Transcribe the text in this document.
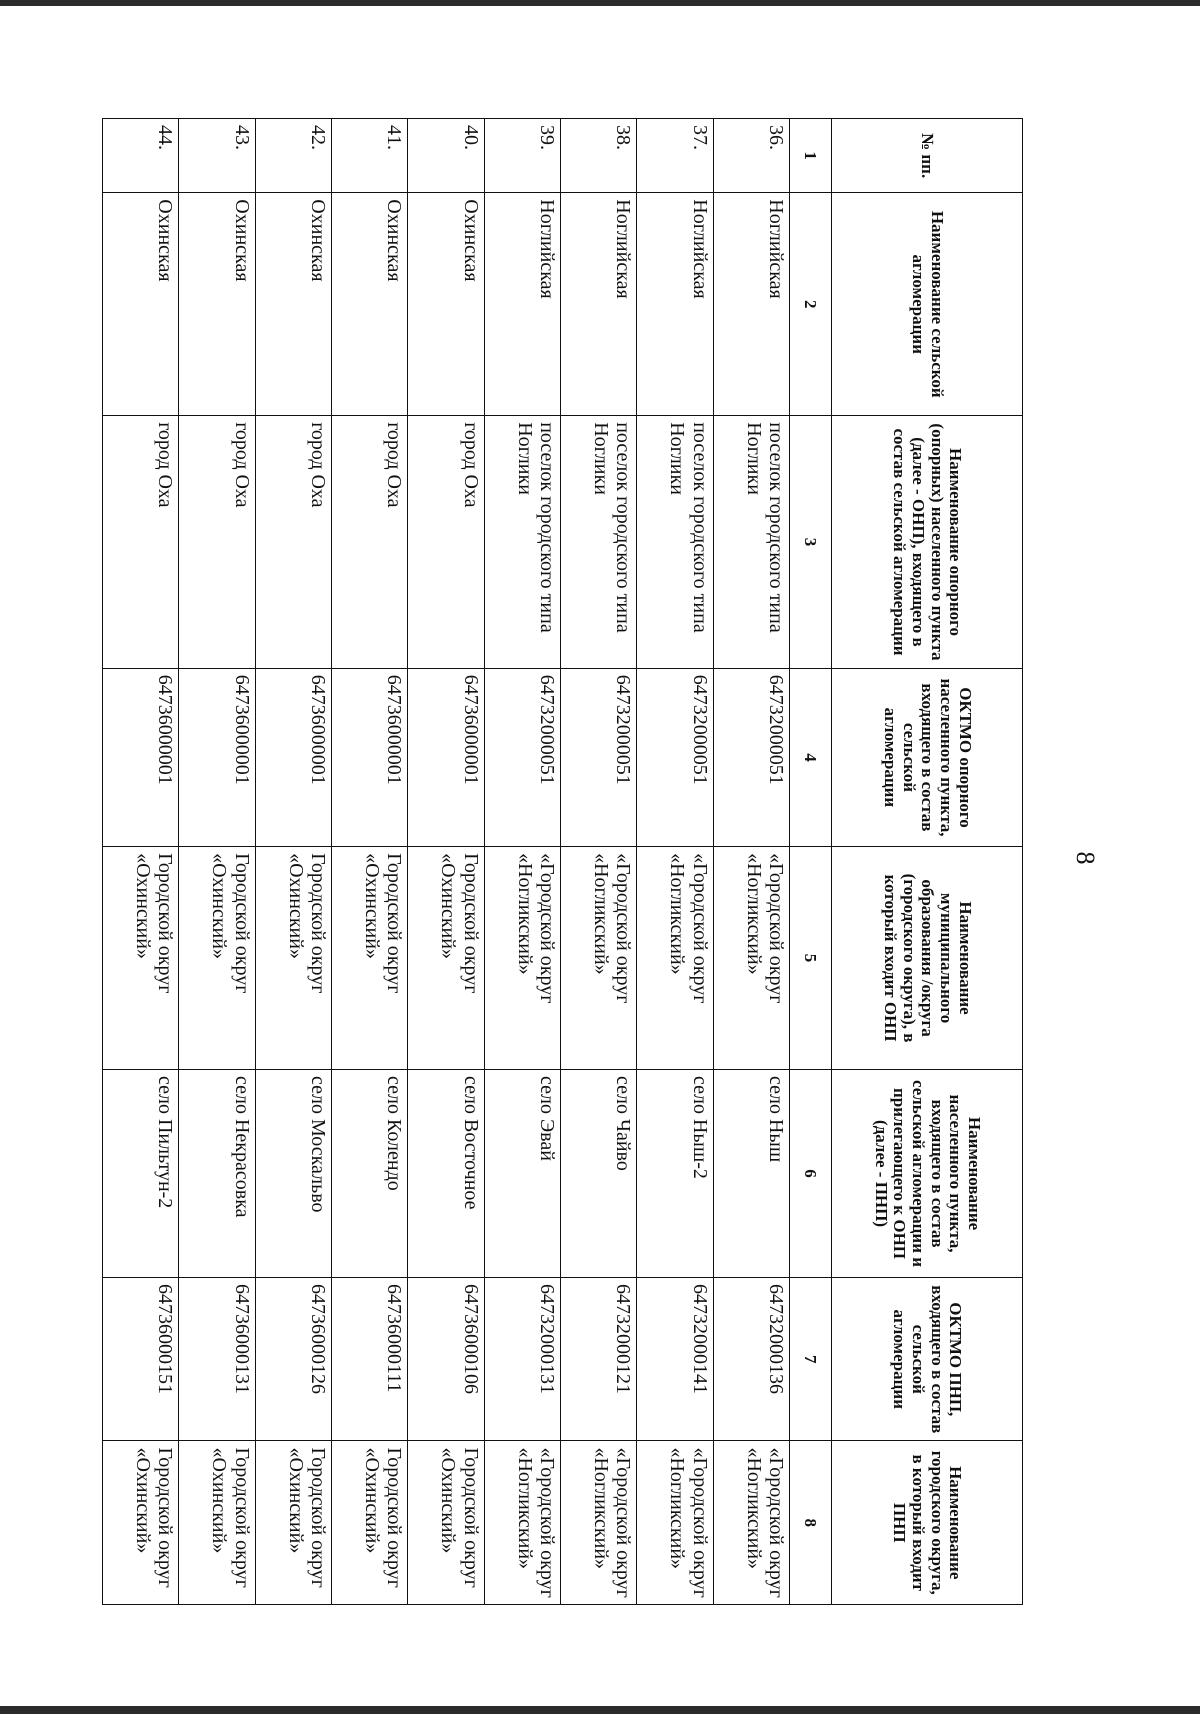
8
№ пп.	Наименование сельской агломерации	Наименование опорного (опорных) населенного пункта (далее - ОНП), входящего в состав сельской агломерации	ОКТМО опорного населенного пункта, входящего в состав сельской агломерации	Наименование муниципального образования /округа (городского округа), в который входит ОНП	Наименование населенного пункта, входящего в состав сельской агломерации и прилегающего к ОНП (далее - ПНП)	ОКТМО ПНП, входящего в состав сельской агломерации	Наименование городского округа, в который входит ПНП
1	2	3	4	5	6	7	8
36.	Ноглийская	поселок городского типа Ноглики	64732000051	«Городской округ «Ногликский»	село Ныш	64732000136	«Городской округ «Ногликский»
37.	Ноглийская	поселок городского типа Ноглики	64732000051	«Городской округ «Ногликский»	село Ныш-2	64732000141	«Городской округ «Ногликский»
38.	Ноглийская	поселок городского типа Ноглики	64732000051	«Городской округ «Ногликский»	село Чайво	64732000121	«Городской округ «Ногликский»
39.	Ноглийская	поселок городского типа Ноглики	64732000051	«Городской округ «Ногликский»	село Эвай	64732000131	«Городской округ «Ногликский»
40.	Охинская	город Оха	64736000001	Городской округ «Охинский»	село Восточное	64736000106	Городской округ «Охинский»
41.	Охинская	город Оха	64736000001	Городской округ «Охинский»	село Колендо	64736000111	Городской округ «Охинский»
42.	Охинская	город Оха	64736000001	Городской округ «Охинский»	село Москальво	64736000126	Городской округ «Охинский»
43.	Охинская	город Оха	64736000001	Городской округ «Охинский»	село Некрасовка	64736000131	Городской округ «Охинский»
44.	Охинская	город Оха	64736000001	Городской округ «Охинский»	село Пильтун-2	64736000151	Городской округ «Охинский»
